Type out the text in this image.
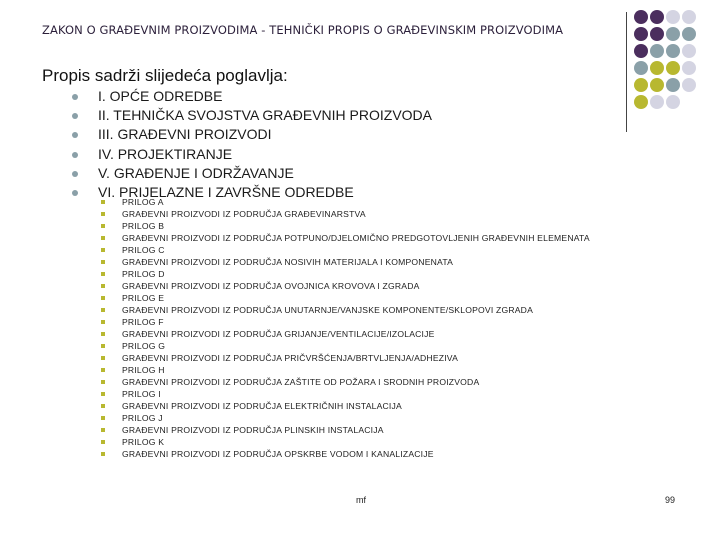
ZAKON O GRAĐEVNIM PROIZVODIMA - TEHNIČKI PROPIS O GRAĐEVINSKIM PROIZVODIMA
Propis sadrži slijedeća poglavlja:
I. OPĆE ODREDBE
II. TEHNIČKA SVOJSTVA GRAĐEVNIH PROIZVODA
III. GRAĐEVNI PROIZVODI
IV. PROJEKTIRANJE
V. GRAĐENJE I ODRŽAVANJE
VI. PRIJELAZNE I ZAVRŠNE ODREDBE
PRILOG A
GRAĐEVNI PROIZVODI IZ PODRUČJA GRAĐEVINARSTVA
PRILOG B
GRAĐEVNI PROIZVODI IZ PODRUČJA POTPUNO/DJELOMIČNO PREDGOTOVLJENIH GRAĐEVNIH ELEMENATA
PRILOG C
GRAĐEVNI PROIZVODI IZ PODRUČJA NOSIVIH MATERIJALA I KOMPONENATA
PRILOG D
GRAĐEVNI PROIZVODI IZ PODRUČJA OVOJNICA KROVOVA I ZGRADA
PRILOG E
GRAĐEVNI PROIZVODI IZ PODRUČJA UNUTARNJE/VANJSKE KOMPONENTE/SKLOPOVI ZGRADA
PRILOG F
GRAĐEVNI PROIZVODI IZ PODRUČJA GRIJANJE/VENTILACIJE/IZOLACIJE
PRILOG G
GRAĐEVNI PROIZVODI IZ PODRUČJA PRIČVRŠĆENJA/BRTVLJENJA/ADHEZIVA
PRILOG H
GRAĐEVNI PROIZVODI IZ PODRUČJA ZAŠTITE OD POŽARA I SRODNIH PROIZVODA
PRILOG I
GRAĐEVNI PROIZVODI IZ PODRUČJA ELEKTRIČNIH INSTALACIJA
PRILOG J
GRAĐEVNI PROIZVODI IZ PODRUČJA PLINSKIH INSTALACIJA
PRILOG K
GRAĐEVNI PROIZVODI IZ PODRUČJA OPSKRBE VODOM I KANALIZACIJE
mf	99
